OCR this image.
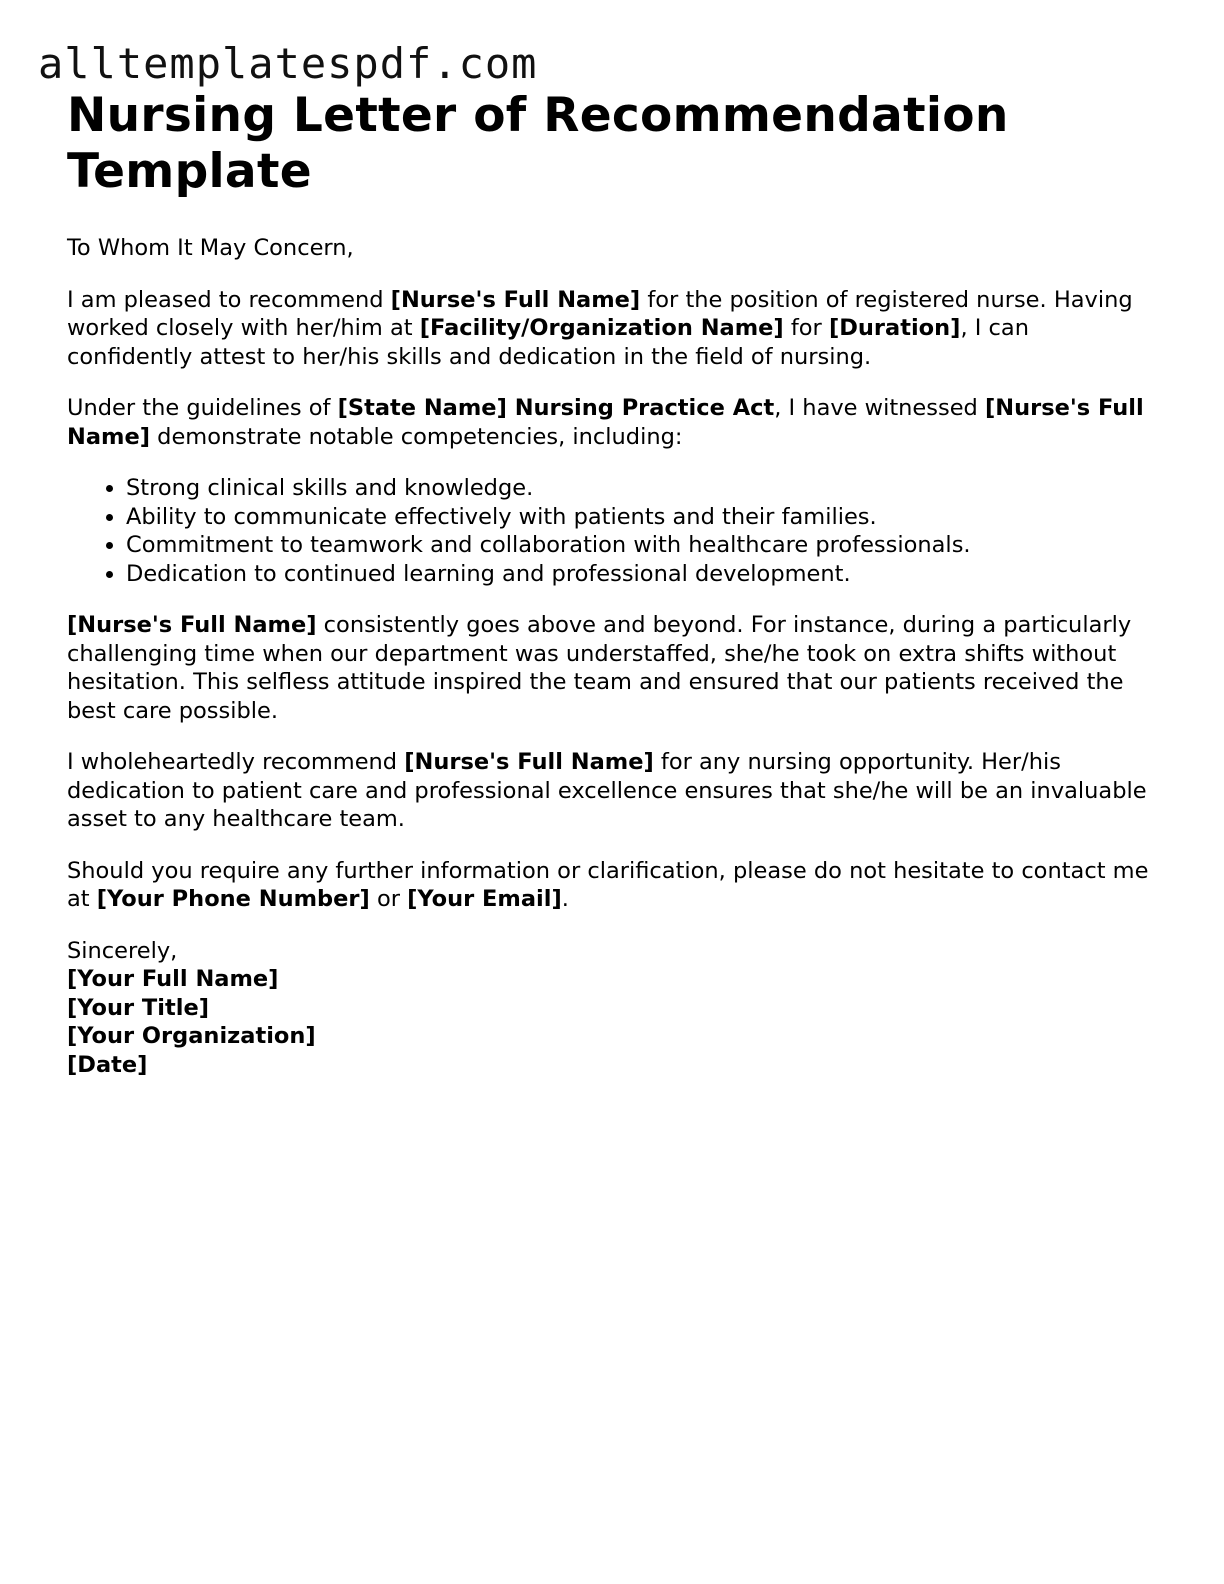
alltemplatespdf.com
Nursing Letter of Recommendation Template

To Whom It May Concern,

I am pleased to recommend [Nurse's Full Name] for the position of registered nurse. Having worked closely with her/him at [Facility/Organization Name] for [Duration], I can confidently attest to her/his skills and dedication in the field of nursing.

Under the guidelines of [State Name] Nursing Practice Act, I have witnessed [Nurse's Full Name] demonstrate notable competencies, including:

• Strong clinical skills and knowledge.
• Ability to communicate effectively with patients and their families.
• Commitment to teamwork and collaboration with healthcare professionals.
• Dedication to continued learning and professional development.

[Nurse's Full Name] consistently goes above and beyond. For instance, during a particularly challenging time when our department was understaffed, she/he took on extra shifts without hesitation. This selfless attitude inspired the team and ensured that our patients received the best care possible.

I wholeheartedly recommend [Nurse's Full Name] for any nursing opportunity. Her/his dedication to patient care and professional excellence ensures that she/he will be an invaluable asset to any healthcare team.

Should you require any further information or clarification, please do not hesitate to contact me at [Your Phone Number] or [Your Email].

Sincerely,

[Your Full Name]

[Your Title]

[Your Organization]

[Date]
